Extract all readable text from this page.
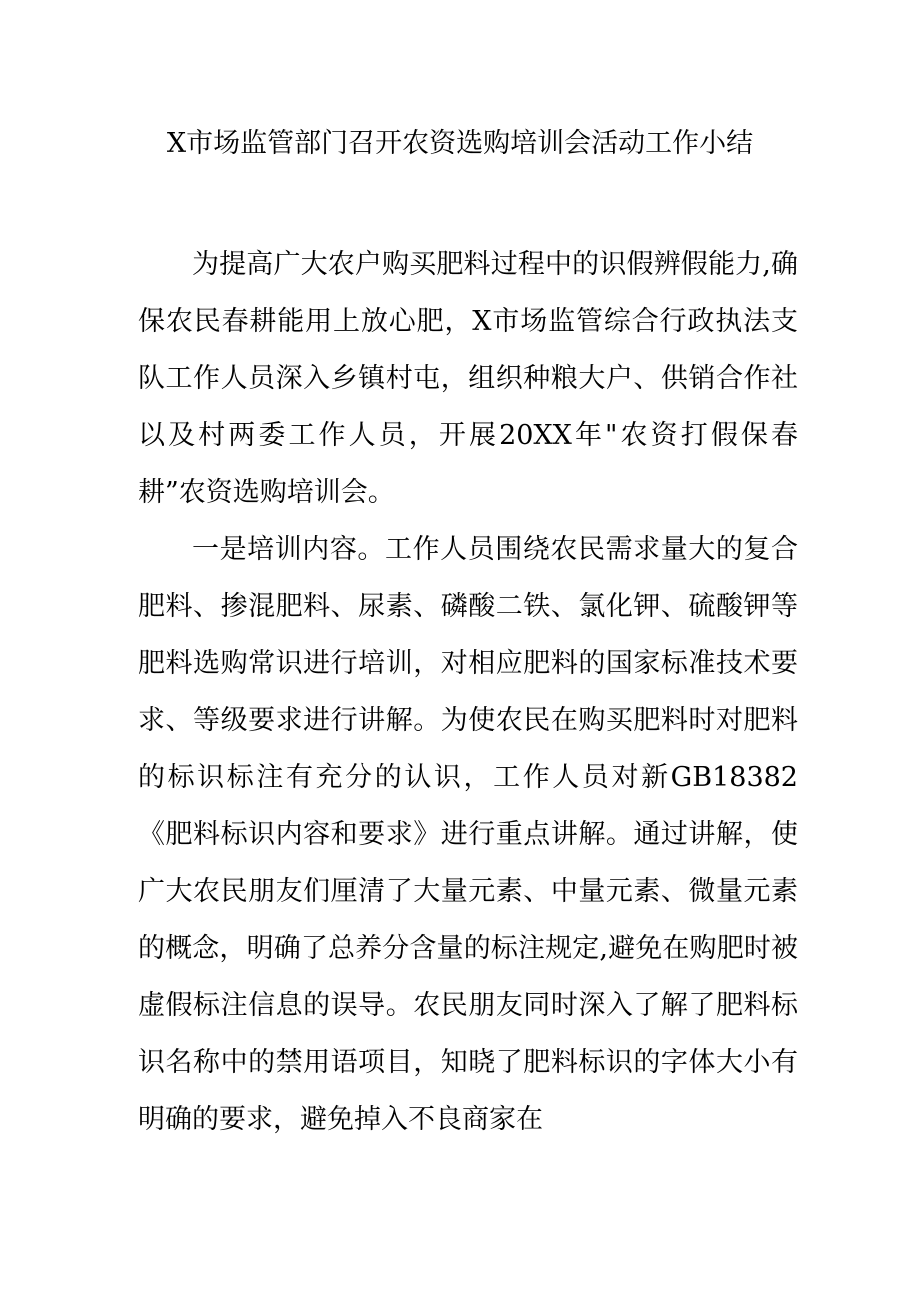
X市场监管部门召开农资选购培训会活动工作小结

为提高广大农户购买肥料过程中的识假辨假能力,确保农民春耕能用上放心肥，X市场监管综合行政执法支队工作人员深入乡镇村屯，组织种粮大户、供销合作社以及村两委工作人员，开展20XX年"农资打假保春耕”农资选购培训会。

一是培训内容。工作人员围绕农民需求量大的复合肥料、掺混肥料、尿素、磷酸二铁、氯化钾、硫酸钾等肥料选购常识进行培训，对相应肥料的国家标准技术要求、等级要求进行讲解。为使农民在购买肥料时对肥料的标识标注有充分的认识，工作人员对新GB18382《肥料标识内容和要求》进行重点讲解。通过讲解，使广大农民朋友们厘清了大量元素、中量元素、微量元素的概念，明确了总养分含量的标注规定,避免在购肥时被虚假标注信息的误导。农民朋友同时深入了解了肥料标识名称中的禁用语项目，知晓了肥料标识的字体大小有明确的要求，避免掉入不良商家在
